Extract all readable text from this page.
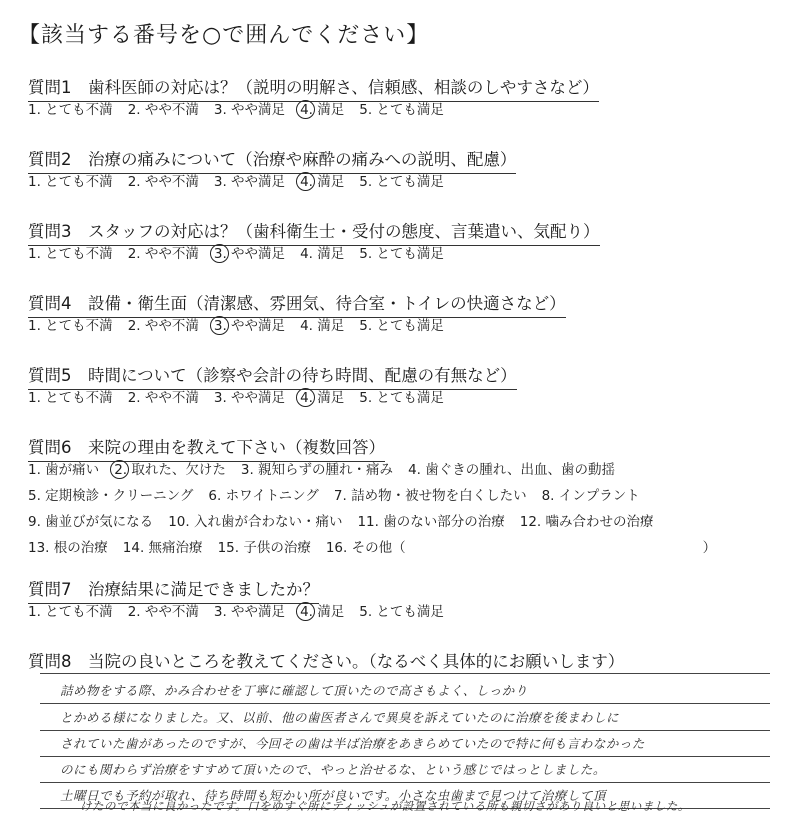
【該当する番号を○で囲んでください】
質問1　歯科医師の対応は？（説明の明解さ、信頼感、相談のしやすさなど）
1. とても不満 2. やや不満 3. やや満足 4. 満足 5. とても満足
質問2　治療の痛みについて（治療や麻酔の痛みへの説明、配慮）
1. とても不満 2. やや不満 3. やや満足 4. 満足 5. とても満足
質問3　スタッフの対応は？（歯科衛生士・受付の態度、言葉遣い、気配り）
1. とても不満 2. やや不満 3. やや満足 4. 満足 5. とても満足
質問4　設備・衛生面（清潔感、雰囲気、待合室・トイレの快適さなど）
1. とても不満 2. やや不満 3. やや満足 4. 満足 5. とても満足
質問5　時間について（診察や会計の待ち時間、配慮の有無など）
1. とても不満 2. やや不満 3. やや満足 4. 満足 5. とても満足
質問6　来院の理由を教えて下さい（複数回答）
1. 歯が痛い 2. 取れた、欠けた 3. 親知らずの腫れ・痛み 4. 歯ぐきの腫れ、出血、歯の動揺
5. 定期検診・クリーニング 6. ホワイトニング 7. 詰め物・被せ物を白くしたい 8. インプラント
9. 歯並びが気になる 10. 入れ歯が合わない・痛い 11. 歯のない部分の治療 12. 噛み合わせの治療
13. 根の治療 14. 無痛治療 15. 子供の治療 16. その他（　　　　　　　　　　　　　　　　　　　　　　）
質問7　治療結果に満足できましたか？
1. とても不満 2. やや不満 3. やや満足 4. 満足 5. とても満足
質問8　当院の良いところを教えてください。（なるべく具体的にお願いします）
詰め物をする際、かみ合わせを丁寧に確認して頂いたので高さもよく、しっかり
とかめる様になりました。又、以前、他の歯医者さんで異臭を訴えていたのに治療を後まわしに
されていた歯があったのですが、今回その歯は半ば治療をあきらめていたので特に何も言わなかった
のにも関わらず治療をすすめて頂いたので、やっと治せるな、という感じではっとしました。
土曜日でも予約が取れ、待ち時間も短かい所が良いです。小さな虫歯まで見つけて治療して頂
けたので本当に良かったです。口をゆすぐ所にティッシュが設置されている所も親切さがあり良いと思いました。
